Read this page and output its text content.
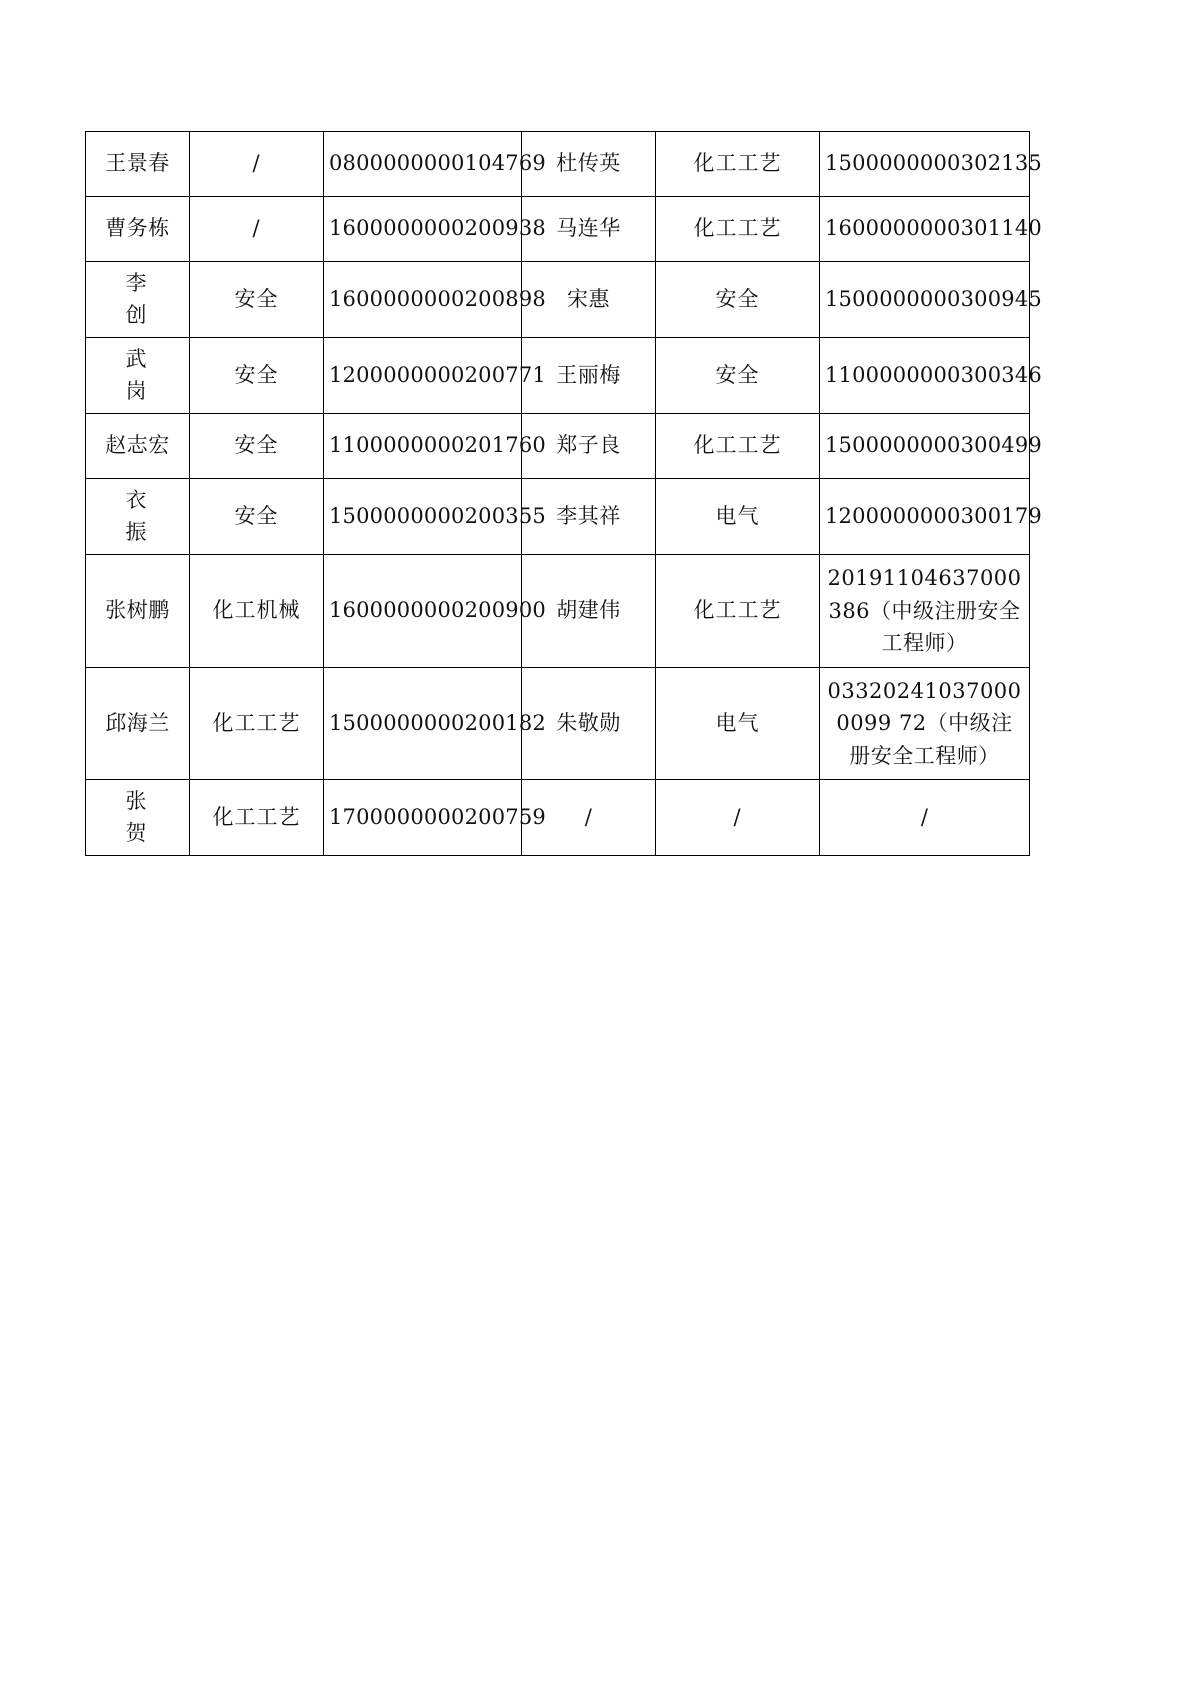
王景春	/	0800000000104769	杜传英	化工工艺	1500000000302135
曹务栋	/	1600000000200938	马连华	化工工艺	1600000000301140
李 创	安全	1600000000200898	宋惠	安全	1500000000300945
武 岗	安全	1200000000200771	王丽梅	安全	1100000000300346
赵志宏	安全	1100000000201760	郑子良	化工工艺	1500000000300499
衣 振	安全	1500000000200355	李其祥	电气	1200000000300179
张树鹏	化工机械	1600000000200900	胡建伟	化工工艺	20191104637000386（中级注册安全工程师）
邱海兰	化工工艺	1500000000200182	朱敬勋	电气	033202410370000099 72（中级注册安全工程师）
张 贺	化工工艺	1700000000200759	/	/	/
